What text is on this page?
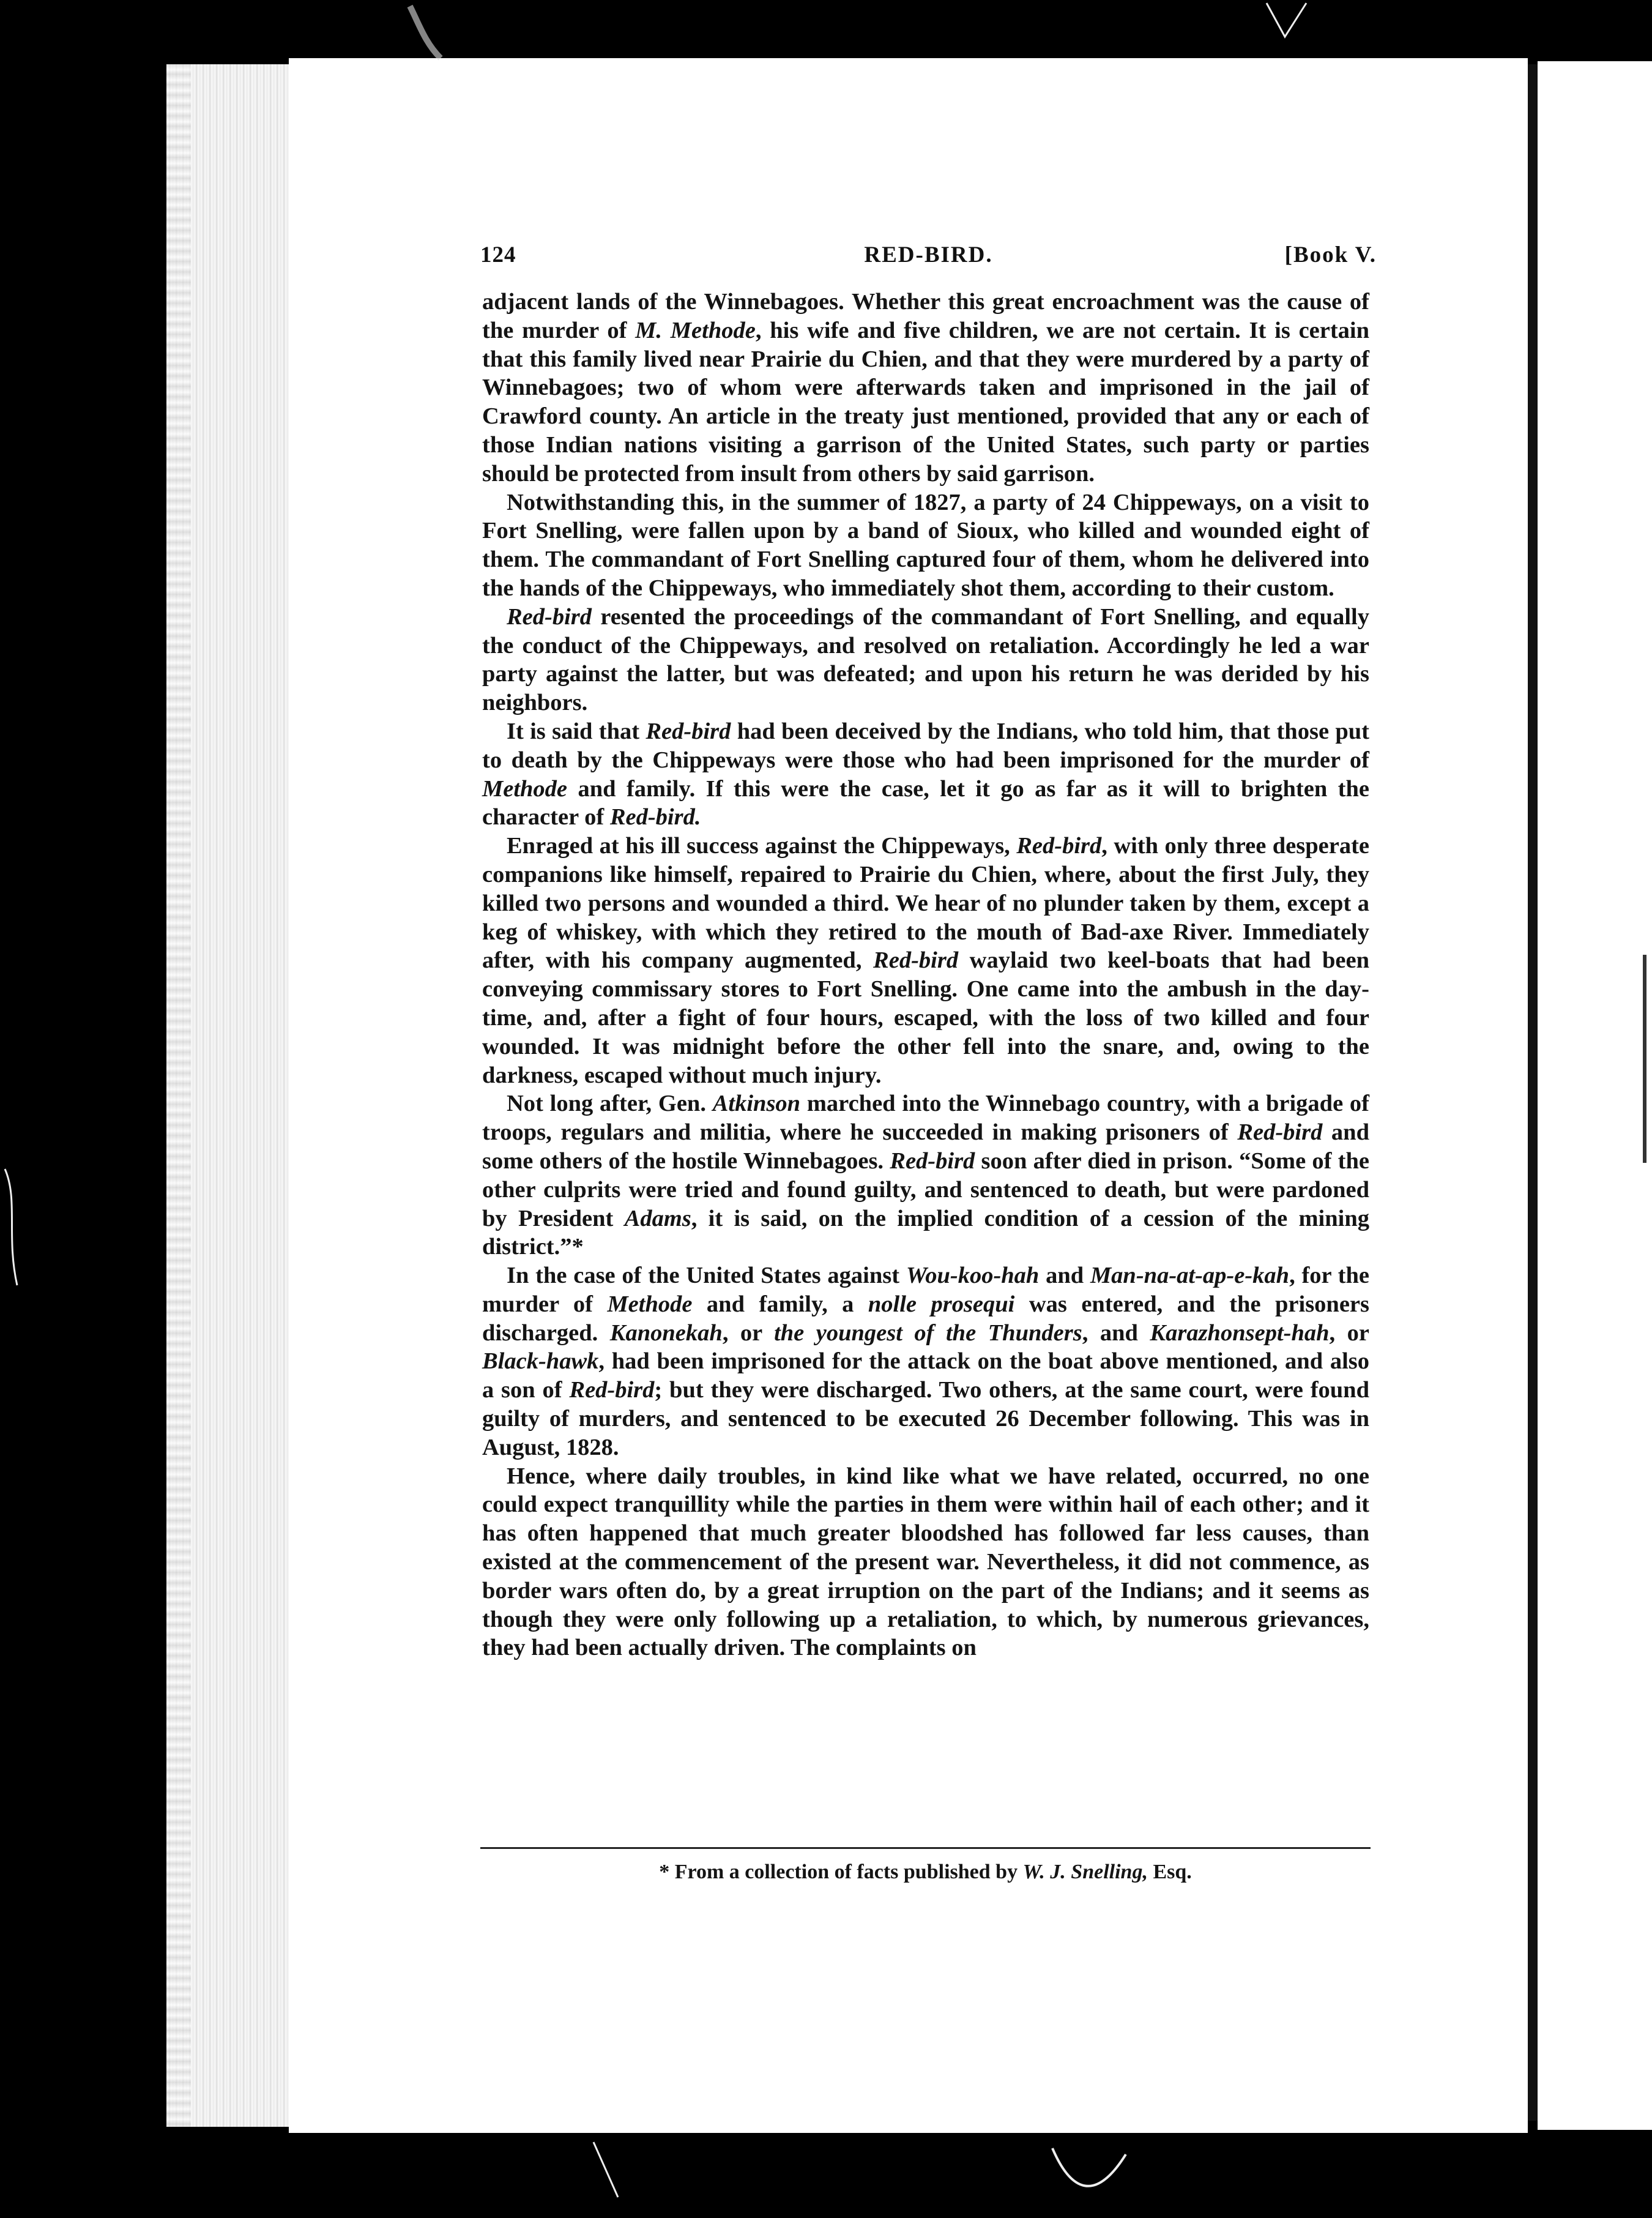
124	RED-BIRD.	[Book V.

adjacent lands of the Winnebagoes. Whether this great encroachment was the cause of the murder of M. Methode, his wife and five children, we are not certain. It is certain that this family lived near Prairie du Chien, and that they were murdered by a party of Winnebagoes; two of whom were afterwards taken and imprisoned in the jail of Crawford county. An article in the treaty just mentioned, provided that any or each of those Indian nations visiting a garrison of the United States, such party or parties should be protected from insult from others by said garrison.

Notwithstanding this, in the summer of 1827, a party of 24 Chippeways, on a visit to Fort Snelling, were fallen upon by a band of Sioux, who killed and wounded eight of them. The commandant of Fort Snelling captured four of them, whom he delivered into the hands of the Chippeways, who immediately shot them, according to their custom.

Red-bird resented the proceedings of the commandant of Fort Snelling, and equally the conduct of the Chippeways, and resolved on retaliation. Accordingly he led a war party against the latter, but was defeated; and upon his return he was derided by his neighbors.

It is said that Red-bird had been deceived by the Indians, who told him, that those put to death by the Chippeways were those who had been imprisoned for the murder of Methode and family. If this were the case, let it go as far as it will to brighten the character of Red-bird.

Enraged at his ill success against the Chippeways, Red-bird, with only three desperate companions like himself, repaired to Prairie du Chien, where, about the first July, they killed two persons and wounded a third. We hear of no plunder taken by them, except a keg of whiskey, with which they retired to the mouth of Bad-axe River. Immediately after, with his company augmented, Red-bird waylaid two keel-boats that had been conveying commissary stores to Fort Snelling. One came into the ambush in the day-time, and, after a fight of four hours, escaped, with the loss of two killed and four wounded. It was midnight before the other fell into the snare, and, owing to the darkness, escaped without much injury.

Not long after, Gen. Atkinson marched into the Winnebago country, with a brigade of troops, regulars and militia, where he succeeded in making prisoners of Red-bird and some others of the hostile Winnebagoes. Red-bird soon after died in prison. “Some of the other culprits were tried and found guilty, and sentenced to death, but were pardoned by President Adams, it is said, on the implied condition of a cession of the mining district.”*

In the case of the United States against Wou-koo-hah and Man-na-at-ap-e-kah, for the murder of Methode and family, a nolle prosequi was entered, and the prisoners discharged. Kanonekah, or the youngest of the Thunders, and Karazhonsept-hah, or Black-hawk, had been imprisoned for the attack on the boat above mentioned, and also a son of Red-bird; but they were discharged. Two others, at the same court, were found guilty of murders, and sentenced to be executed 26 December following. This was in August, 1828.

Hence, where daily troubles, in kind like what we have related, occurred, no one could expect tranquillity while the parties in them were within hail of each other; and it has often happened that much greater bloodshed has followed far less causes, than existed at the commencement of the present war. Nevertheless, it did not commence, as border wars often do, by a great irruption on the part of the Indians; and it seems as though they were only following up a retaliation, to which, by numerous grievances, they had been actually driven. The complaints on

* From a collection of facts published by W. J. Snelling, Esq.
